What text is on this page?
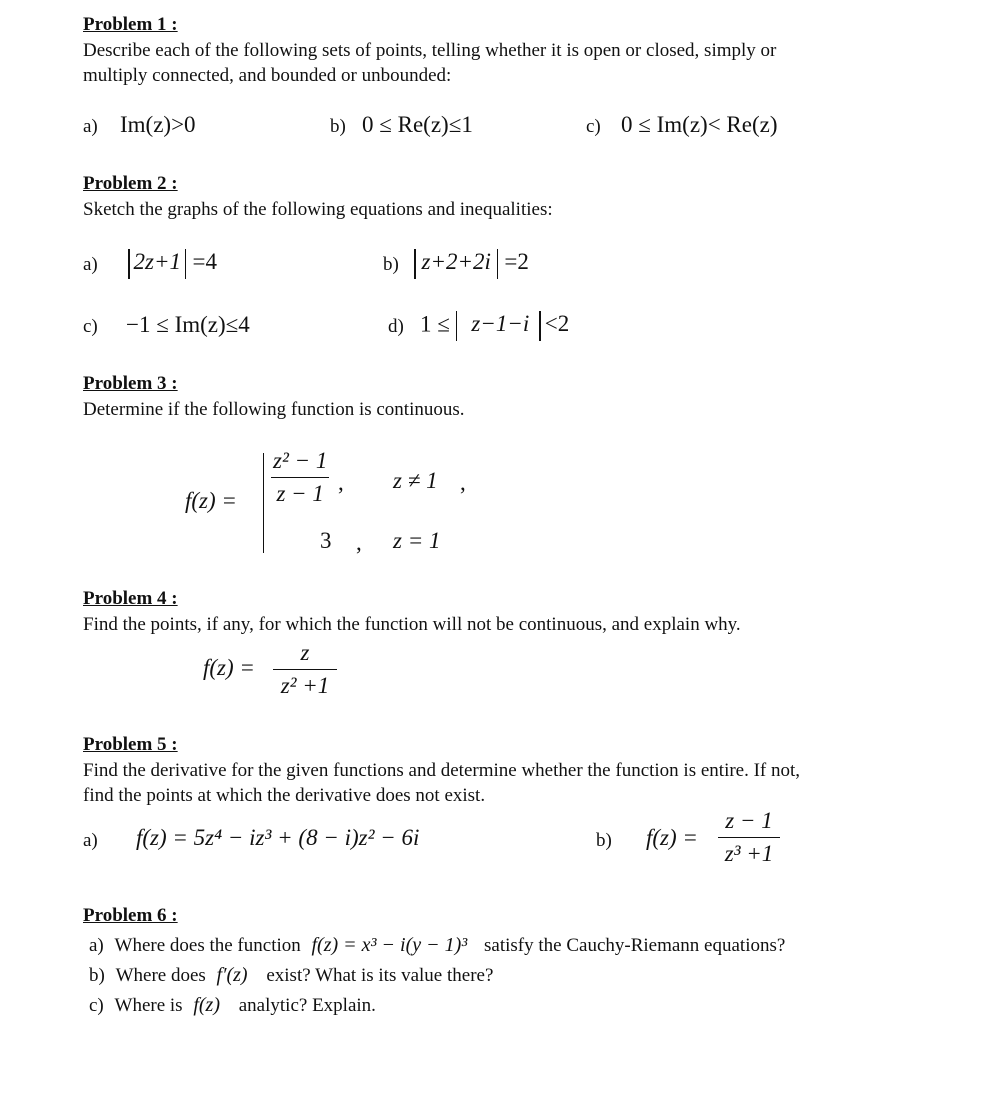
Problem 1 :
Describe each of the following sets of points, telling whether it is open or closed, simply or
multiply connected, and bounded or unbounded:
a) Im(z)>0	b) 0 ≤ Re(z)≤1	c) 0 ≤ Im(z)< Re(z)
Problem 2 :
Sketch the graphs of the following equations and inequalities:
a) 2z+1 =4	b) z+2+2i =2
c) −1 ≤ Im(z)≤4	d) 1 ≤ z−1−i <2
Problem 3 :
Determine if the following function is continuous.
$f(z) = \frac{\text{z² − 1}}{z - 1}$ , z ≠ 1 ,
3 , z = 1
Problem 4 :
Find the points, if any, for which the function will not be continuous, and explain why.
$f(z) = \frac{z}{\text{z² +1}}$
Problem 5 :
Find the derivative for the given functions and determine whether the function is entire. If not,
find the points at which the derivative does not exist.
a) f(z) = 5z⁴ − iz³ + (8 − i)z² − 6i	b) $f(z) = \frac{z - 1}{\text{z³ +1}}$
Problem 6 :
a) Where does the function f(z) = x³ − i(y − 1)³ satisfy the Cauchy-Riemann equations?
b) Where does f′(z) exist? What is its value there?
c) Where is f(z) analytic? Explain.
